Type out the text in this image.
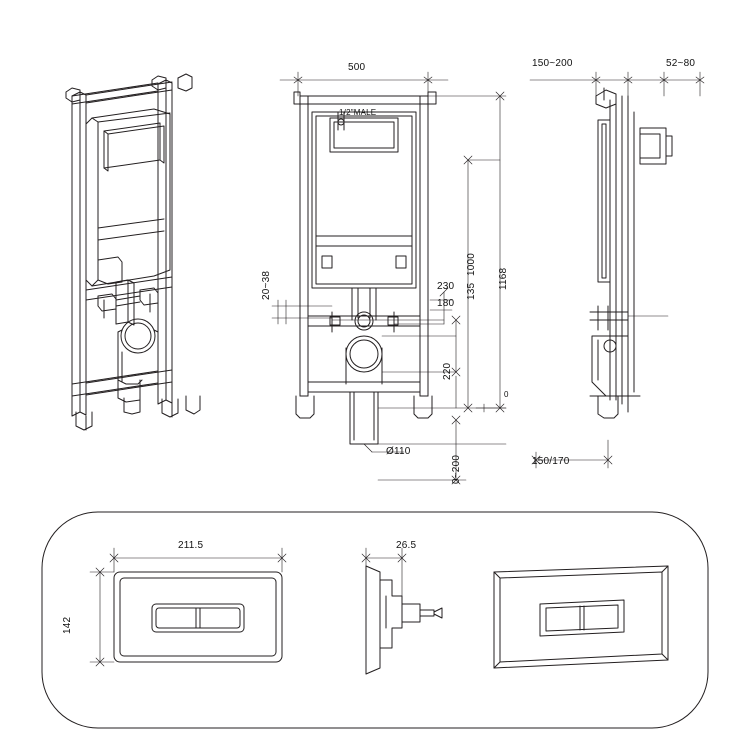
500
1/2"MALE
135
1000
1168
230
180
220
0
20~38
0~200
Ø110
150~200	52~80
150/170
211.5
142
26.5
